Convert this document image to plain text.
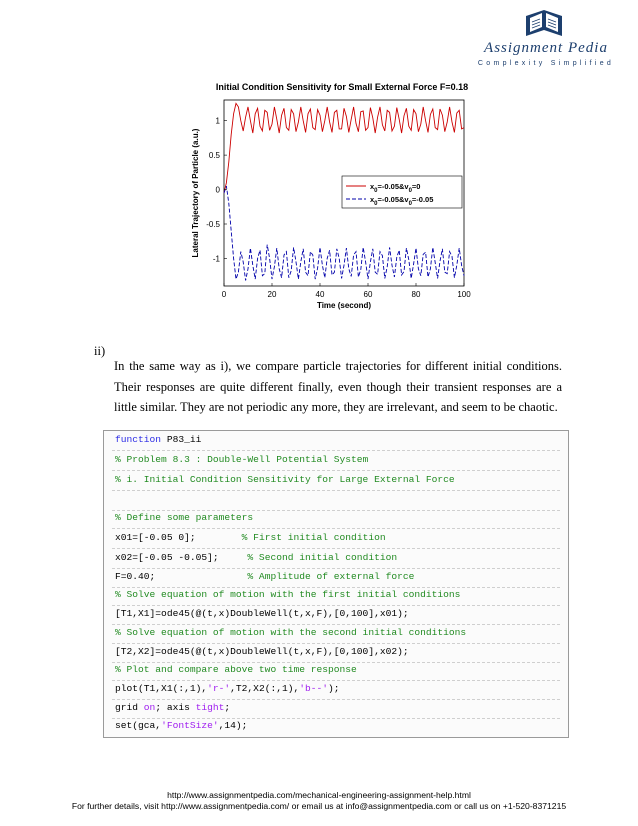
Assignment Pedia
Complexity Simplified
Initial Condition Sensitivity for Small External Force F=0.18
Lateral Trajectory of Particle (a.u.)
Time (second)
0	20	40	60	80	100
-1
-0.5
0
0.5
1
$x_0=-0.05\&v_0=0$
$x_0=-0.05\&v_0=-0.05$
ii)
In the same way as i), we compare particle trajectories for different initial conditions. Their responses are quite different finally, even though their transient responses are a little similar. They are not periodic any more, they are irrelevant, and seem to be chaotic.
function P83_ii
% Problem 8.3 : Double-Well Potential System
% i. Initial Condition Sensitivity for Large External Force
% Define some parameters
x01=[-0.05 0];        % First initial condition
x02=[-0.05 -0.05];     % Second initial condition
F=0.40;                % Amplitude of external force
% Solve equation of motion with the first initial conditions
[T1,X1]=ode45(@(t,x)DoubleWell(t,x,F),[0,100],x01);
% Solve equation of motion with the second initial conditions
[T2,X2]=ode45(@(t,x)DoubleWell(t,x,F),[0,100],x02);
% Plot and compare above two time response
plot(T1,X1(:,1),'r-',T2,X2(:,1),'b--');
grid on; axis tight;
set(gca,'FontSize',14);
http://www.assignmentpedia.com/mechanical-engineering-assignment-help.html
For further details, visit http://www.assignmentpedia.com/ or email us at info@assignmentpedia.com or call us on +1-520-8371215
